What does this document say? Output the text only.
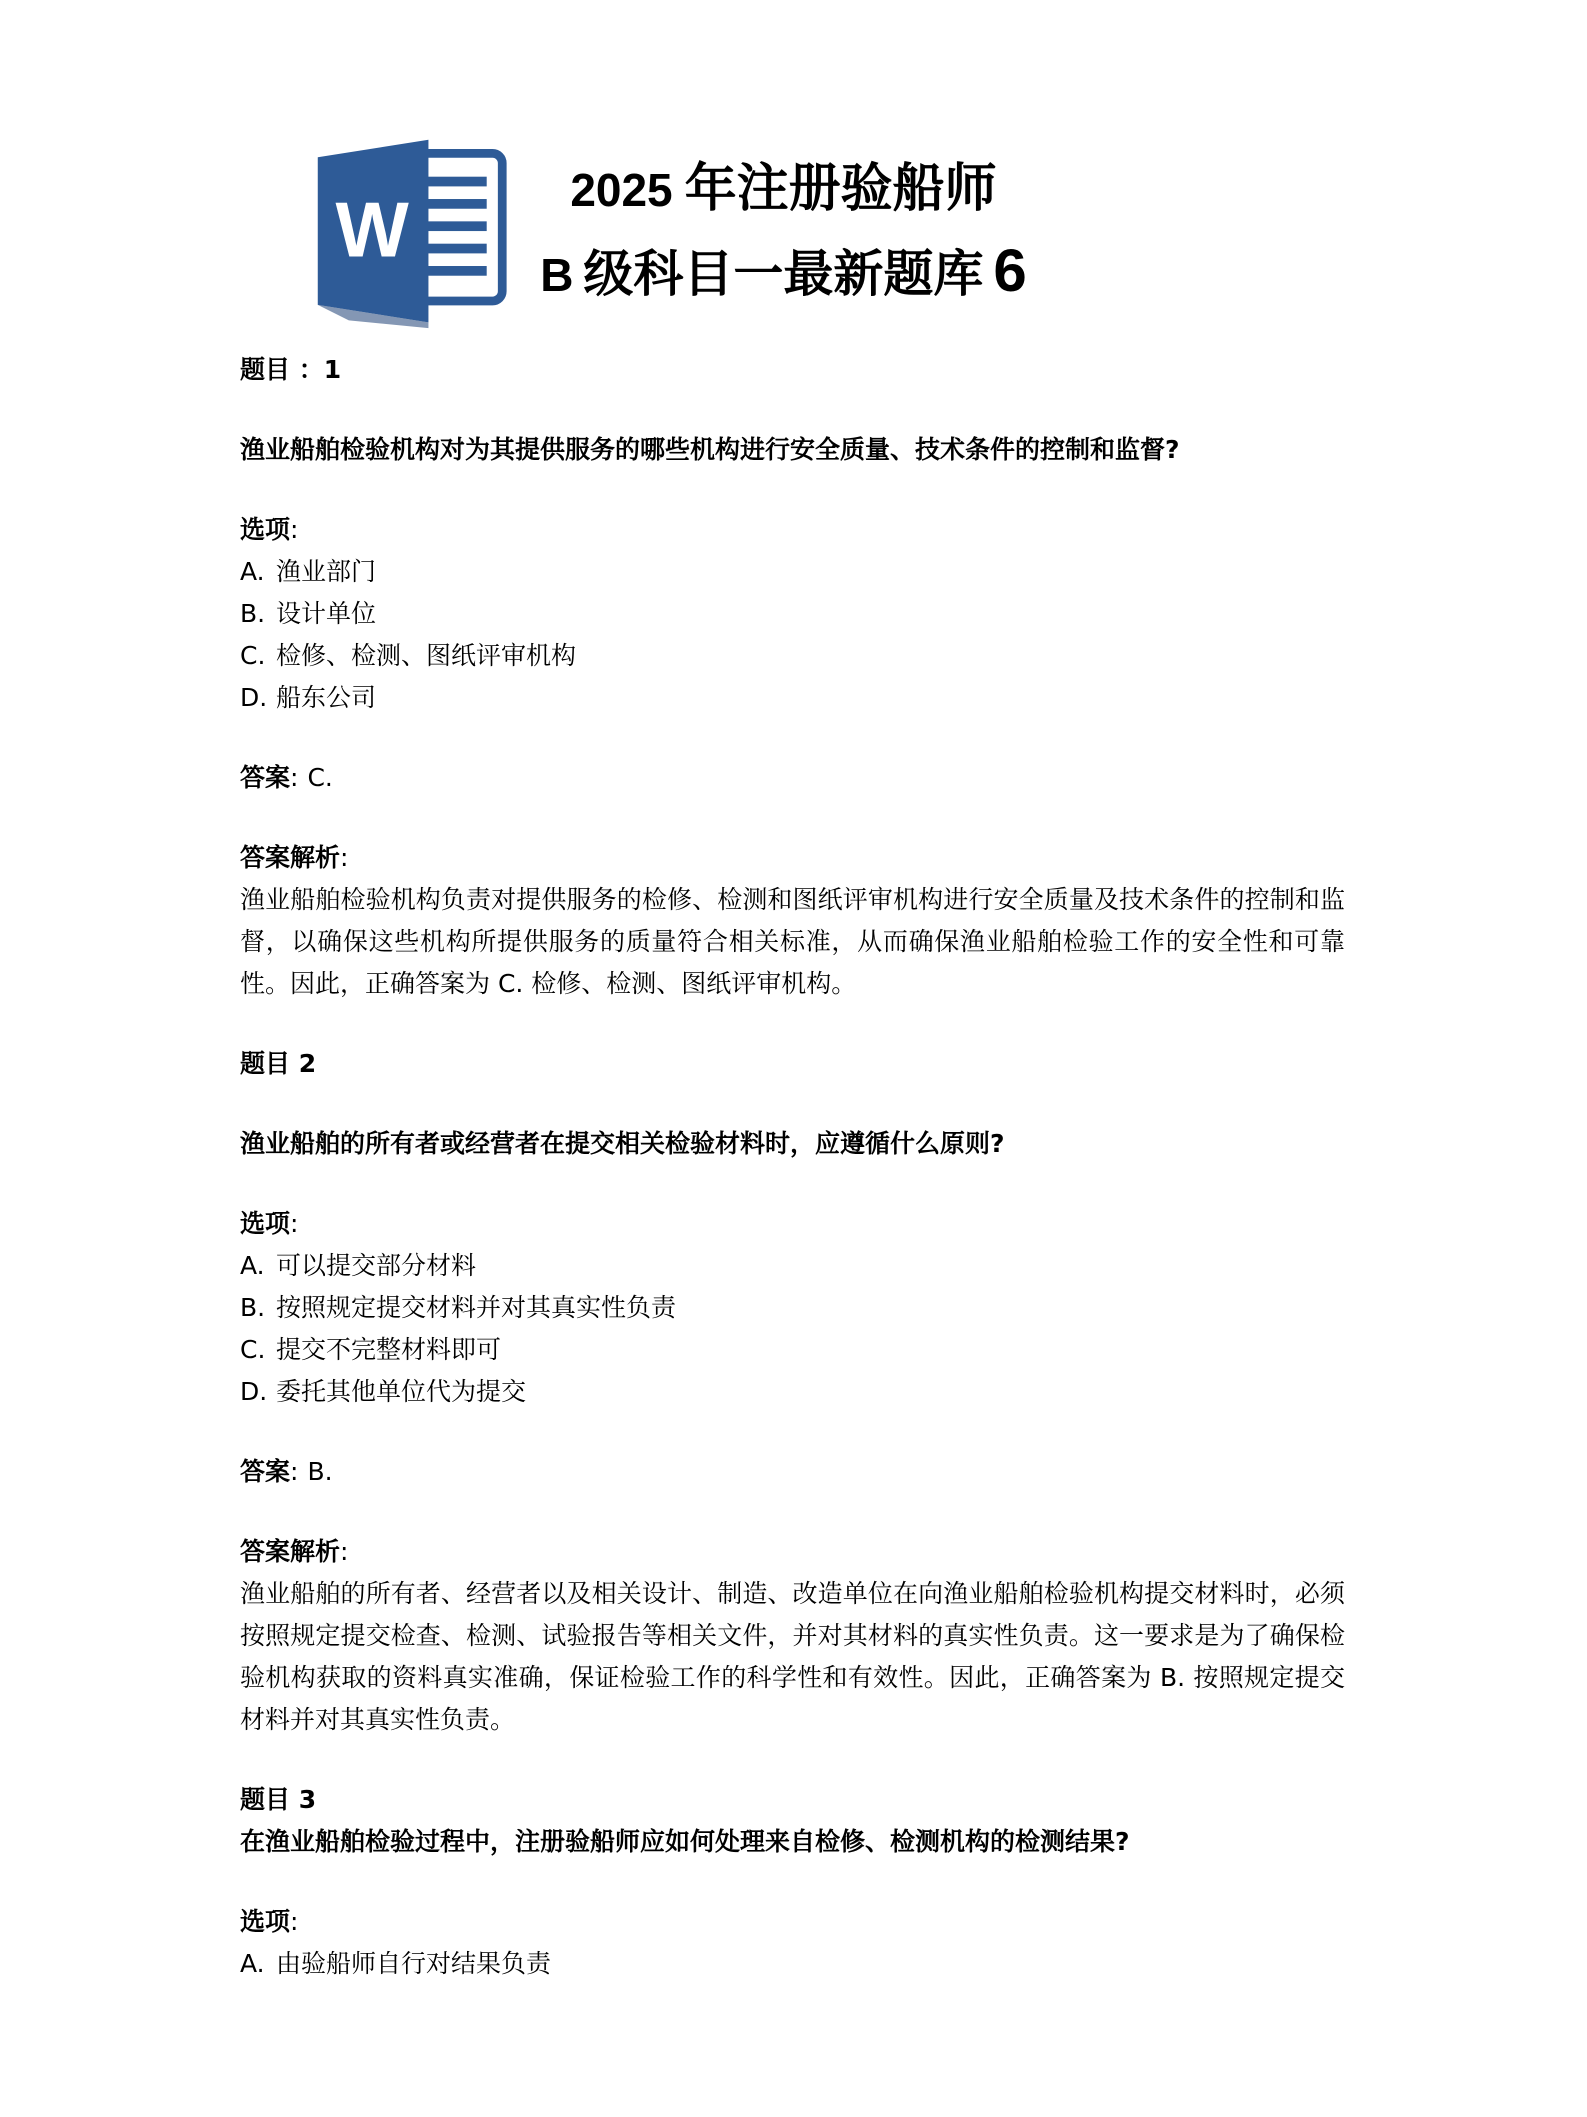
W	2025 年注册验船师
B 级科目一最新题库 6

题目 ：1

渔业船舶检验机构对为其提供服务的哪些机构进行安全质量、技术条件的控制和监督?

选项:

A. 渔业部门

B. 设计单位

C. 检修、检测、图纸评审机构

D. 船东公司

答案: C.

答案解析:

渔业船舶检验机构负责对提供服务的检修、检测和图纸评审机构进行安全质量及技术条件的控制和监督，以确保这些机构所提供服务的质量符合相关标准，从而确保渔业船舶检验工作的安全性和可靠性。因此，正确答案为 C. 检修、检测、图纸评审机构。

题目 2

渔业船舶的所有者或经营者在提交相关检验材料时，应遵循什么原则?

选项:

A. 可以提交部分材料

B. 按照规定提交材料并对其真实性负责

C. 提交不完整材料即可

D. 委托其他单位代为提交

答案: B.

答案解析:

渔业船舶的所有者、经营者以及相关设计、制造、改造单位在向渔业船舶检验机构提交材料时，必须按照规定提交检查、检测、试验报告等相关文件，并对其材料的真实性负责。这一要求是为了确保检验机构获取的资料真实准确，保证检验工作的科学性和有效性。因此，正确答案为 B. 按照规定提交材料并对其真实性负责。

题目 3

在渔业船舶检验过程中，注册验船师应如何处理来自检修、检测机构的检测结果?

选项:

A. 由验船师自行对结果负责
